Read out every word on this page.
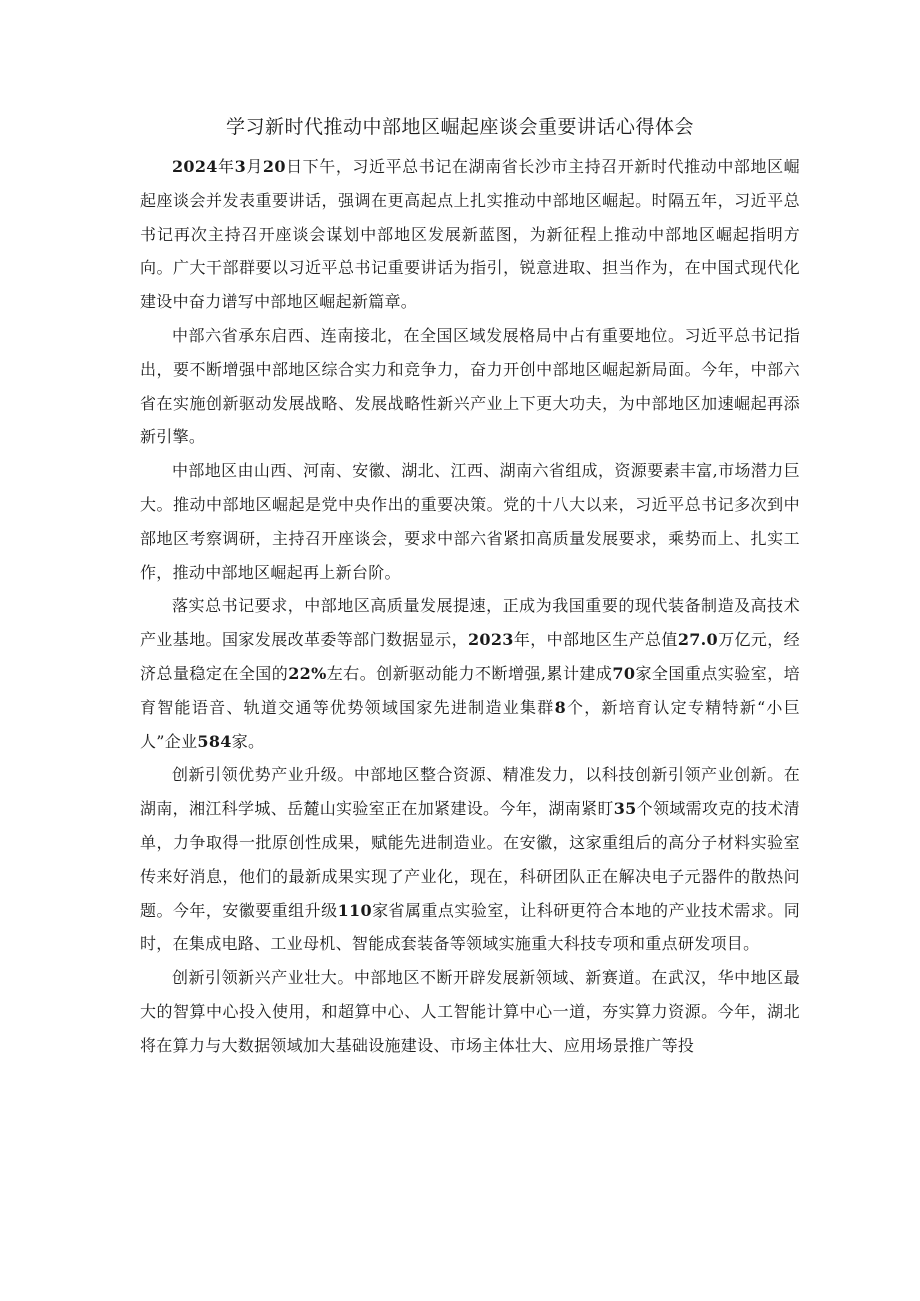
学习新时代推动中部地区崛起座谈会重要讲话心得体会

2024年3月20日下午，习近平总书记在湖南省长沙市主持召开新时代推动中部地区崛起座谈会并发表重要讲话，强调在更高起点上扎实推动中部地区崛起。时隔五年，习近平总书记再次主持召开座谈会谋划中部地区发展新蓝图，为新征程上推动中部地区崛起指明方向。广大干部群要以习近平总书记重要讲话为指引，锐意进取、担当作为，在中国式现代化建设中奋力谱写中部地区崛起新篇章。

中部六省承东启西、连南接北，在全国区域发展格局中占有重要地位。习近平总书记指出，要不断增强中部地区综合实力和竞争力，奋力开创中部地区崛起新局面。今年，中部六省在实施创新驱动发展战略、发展战略性新兴产业上下更大功夫，为中部地区加速崛起再添新引擎。

中部地区由山西、河南、安徽、湖北、江西、湖南六省组成，资源要素丰富,市场潜力巨大。推动中部地区崛起是党中央作出的重要决策。党的十八大以来，习近平总书记多次到中部地区考察调研，主持召开座谈会，要求中部六省紧扣高质量发展要求，乘势而上、扎实工作，推动中部地区崛起再上新台阶。

落实总书记要求，中部地区高质量发展提速，正成为我国重要的现代装备制造及高技术产业基地。国家发展改革委等部门数据显示，2023年，中部地区生产总值27.0万亿元，经济总量稳定在全国的22%左右。创新驱动能力不断增强,累计建成70家全国重点实验室，培育智能语音、轨道交通等优势领域国家先进制造业集群8个，新培育认定专精特新“小巨人”企业584家。

创新引领优势产业升级。中部地区整合资源、精准发力，以科技创新引领产业创新。在湖南，湘江科学城、岳麓山实验室正在加紧建设。今年，湖南紧盯35个领域需攻克的技术清单，力争取得一批原创性成果，赋能先进制造业。在安徽，这家重组后的高分子材料实验室传来好消息，他们的最新成果实现了产业化，现在，科研团队正在解决电子元器件的散热问题。今年，安徽要重组升级110家省属重点实验室，让科研更符合本地的产业技术需求。同时，在集成电路、工业母机、智能成套装备等领域实施重大科技专项和重点研发项目。

创新引领新兴产业壮大。中部地区不断开辟发展新领域、新赛道。在武汉，华中地区最大的智算中心投入使用，和超算中心、人工智能计算中心一道，夯实算力资源。今年，湖北将在算力与大数据领域加大基础设施建设、市场主体壮大、应用场景推广等投
